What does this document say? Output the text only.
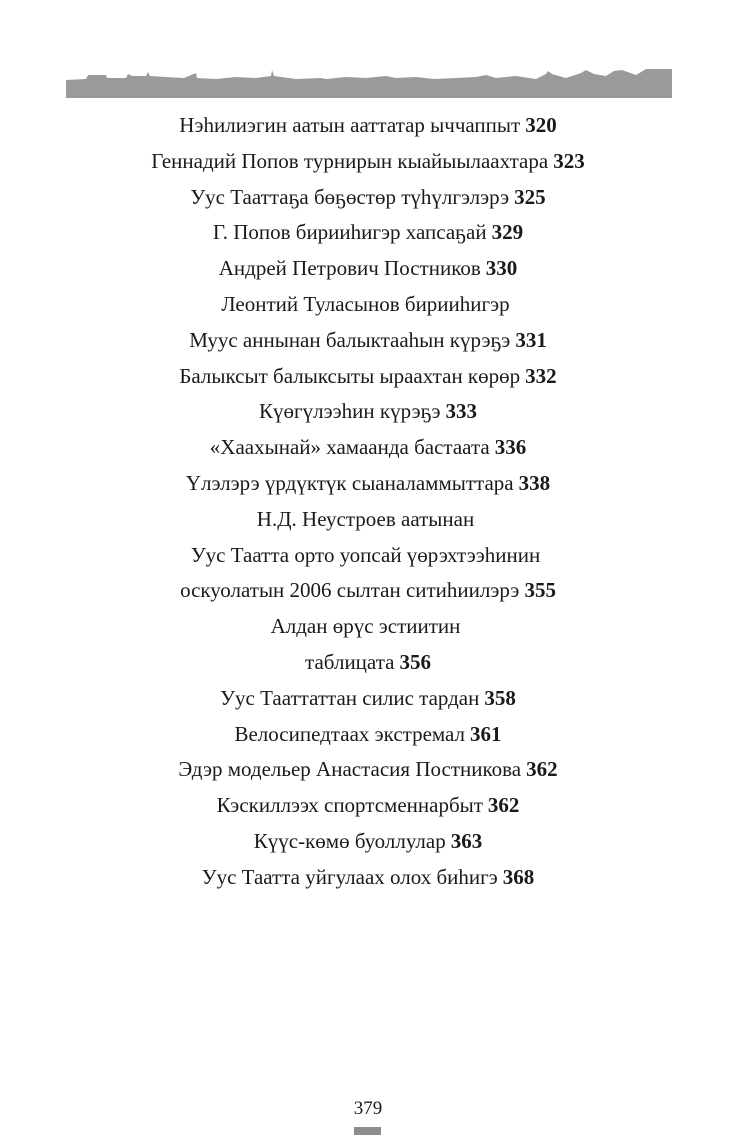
Нэһилиэгин аатын ааттатар ыччаппыт 320
Геннадий Попов турнирын кыайыылаахтара 323
Уус Тааттаҕа бөҕөстөр түһүлгэлэрэ 325
Г. Попов бирииһигэр хапсаҕай 329
Андрей Петрович Постников 330
Леонтий Туласынов бирииһигэр
Муус аннынан балыктааһын күрэҕэ 331
Балыксыт балыксыты ыраахтан көрөр 332
Күөгүлээһин күрэҕэ 333
«Хаахынай» хамаанда бастаата 336
Үлэлэрэ үрдүктүк сыаналаммыттара 338
Н.Д. Неустроев аатынан
Уус Таатта орто уопсай үөрэхтээһинин
оскуолатын 2006 сылтан ситиһиилэрэ 355
Алдан өрүс эстиитин
таблицата 356
Уус Тааттаттан силис тардан 358
Велосипедтаах экстремал 361
Эдэр модельер Анастасия Постникова 362
Кэскиллээх спортсменнарбыт 362
Күүс-көмө буоллулар 363
Уус Таатта уйгулаах олох биһигэ 368
379
